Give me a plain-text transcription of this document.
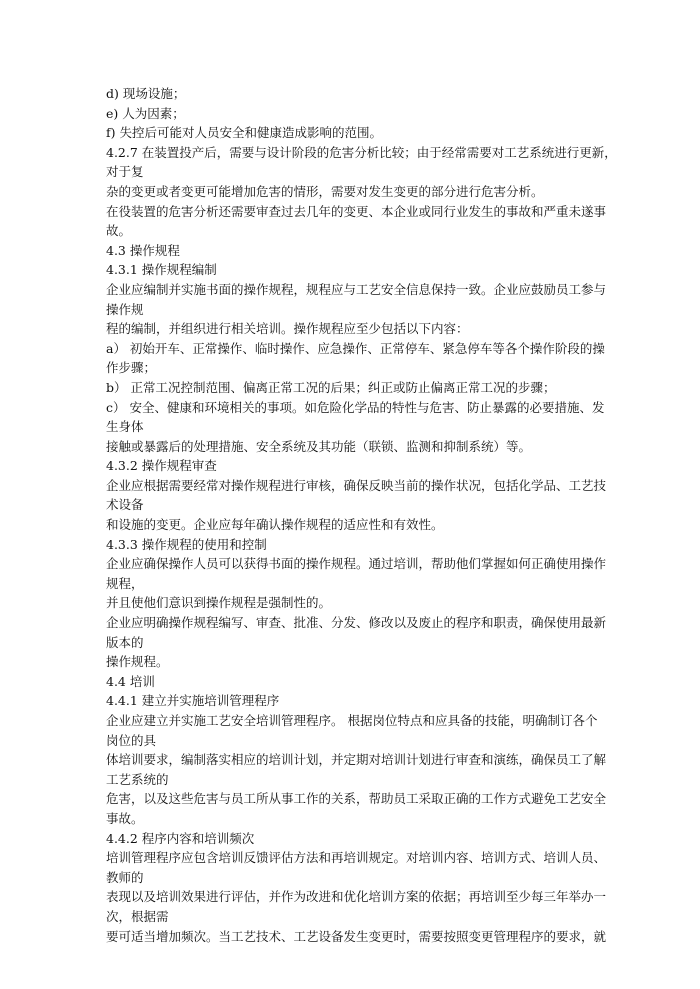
d) 现场设施；
e) 人为因素；
f) 失控后可能对人员安全和健康造成影响的范围。
4.2.7 在装置投产后，需要与设计阶段的危害分析比较；由于经常需要对工艺系统进行更新，
对于复
杂的变更或者变更可能增加危害的情形，需要对发生变更的部分进行危害分析。
在役装置的危害分析还需要审查过去几年的变更、本企业或同行业发生的事故和严重未遂事
故。
4.3 操作规程
4.3.1 操作规程编制
企业应编制并实施书面的操作规程，规程应与工艺安全信息保持一致。企业应鼓励员工参与
操作规
程的编制，并组织进行相关培训。操作规程应至少包括以下内容：
a） 初始开车、正常操作、临时操作、应急操作、正常停车、紧急停车等各个操作阶段的操
作步骤；
b） 正常工况控制范围、偏离正常工况的后果；纠正或防止偏离正常工况的步骤；
c） 安全、健康和环境相关的事项。如危险化学品的特性与危害、防止暴露的必要措施、发
生身体
接触或暴露后的处理措施、安全系统及其功能（联锁、监测和抑制系统）等。
4.3.2 操作规程审查
企业应根据需要经常对操作规程进行审核，确保反映当前的操作状况，包括化学品、工艺技
术设备
和设施的变更。企业应每年确认操作规程的适应性和有效性。
4.3.3 操作规程的使用和控制
企业应确保操作人员可以获得书面的操作规程。通过培训，帮助他们掌握如何正确使用操作
规程，
并且使他们意识到操作规程是强制性的。
企业应明确操作规程编写、审查、批准、分发、修改以及废止的程序和职责，确保使用最新
版本的
操作规程。
4.4 培训
4.4.1 建立并实施培训管理程序
企业应建立并实施工艺安全培训管理程序。 根据岗位特点和应具备的技能，明确制订各个
岗位的具
体培训要求，编制落实相应的培训计划，并定期对培训计划进行审查和演练，确保员工了解
工艺系统的
危害，以及这些危害与员工所从事工作的关系，帮助员工采取正确的工作方式避免工艺安全
事故。
4.4.2 程序内容和培训频次
培训管理程序应包含培训反馈评估方法和再培训规定。对培训内容、培训方式、培训人员、
教师的
表现以及培训效果进行评估，并作为改进和优化培训方案的依据；再培训至少每三年举办一
次，根据需
要可适当增加频次。当工艺技术、工艺设备发生变更时，需要按照变更管理程序的要求，就
